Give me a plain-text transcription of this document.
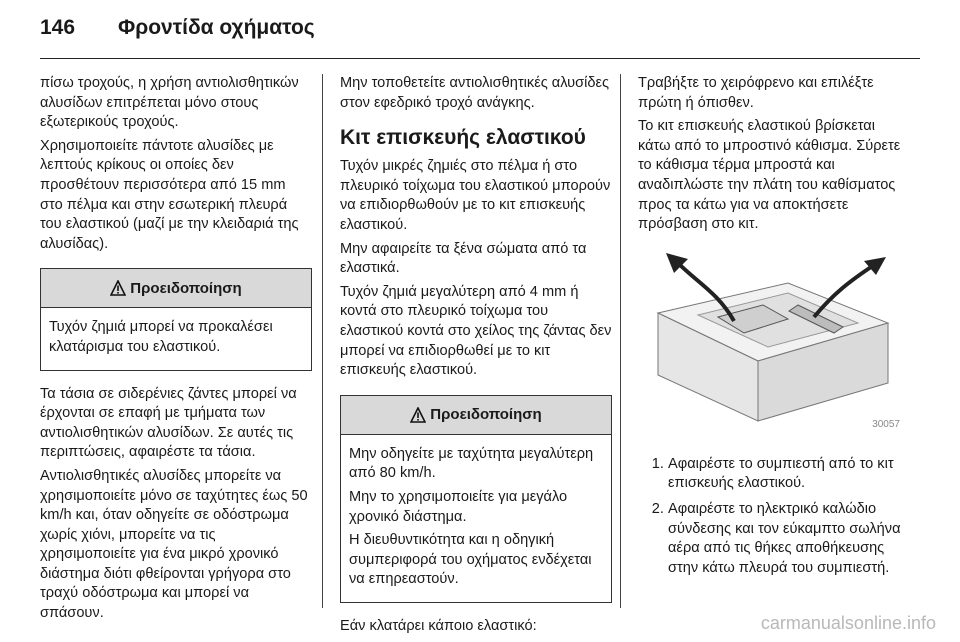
146 Φροντίδα οχήματος

πίσω τροχούς, η χρήση αντιολισθητικών αλυσίδων επιτρέπεται μόνο στους εξωτερικούς τροχούς.

Χρησιμοποιείτε πάντοτε αλυσίδες με λεπτούς κρίκους οι οποίες δεν προσθέτουν περισσότερα από 15 mm στο πέλμα και στην εσωτερική πλευρά του ελαστικού (μαζί με την κλειδαριά της αλυσίδας).

Προειδοποίηση

Τυχόν ζημιά μπορεί να προκαλέσει κλατάρισμα του ελαστικού.

Τα τάσια σε σιδερένιες ζάντες μπορεί να έρχονται σε επαφή με τμήματα των αντιολισθητικών αλυσίδων. Σε αυτές τις περιπτώσεις, αφαιρέστε τα τάσια.

Αντιολισθητικές αλυσίδες μπορείτε να χρησιμοποιείτε μόνο σε ταχύτητες έως 50 km/h και, όταν οδηγείτε σε οδόστρωμα χωρίς χιόνι, μπορείτε να τις χρησιμοποιείτε για ένα μικρό χρονικό διάστημα διότι φθείρονται γρήγορα στο τραχύ οδόστρωμα και μπορεί να σπάσουν.

Μην τοποθετείτε αντιολισθητικές αλυσίδες στον εφεδρικό τροχό ανάγκης.

Κιτ επισκευής ελαστικού

Τυχόν μικρές ζημιές στο πέλμα ή στο πλευρικό τοίχωμα του ελαστικού μπορούν να επιδιορθωθούν με το κιτ επισκευής ελαστικού.

Μην αφαιρείτε τα ξένα σώματα από τα ελαστικά.

Τυχόν ζημιά μεγαλύτερη από 4 mm ή κοντά στο πλευρικό τοίχωμα του ελαστικού κοντά στο χείλος της ζάντας δεν μπορεί να επιδιορθωθεί με το κιτ επισκευής ελαστικού.

Προειδοποίηση

Μην οδηγείτε με ταχύτητα μεγαλύτερη από 80 km/h.

Μην το χρησιμοποιείτε για μεγάλο χρονικό διάστημα.

Η διευθυντικότητα και η οδηγική συμπεριφορά του οχήματος ενδέχεται να επηρεαστούν.

Εάν κλατάρει κάποιο ελαστικό:

Τραβήξτε το χειρόφρενο και επιλέξτε πρώτη ή όπισθεν.

Το κιτ επισκευής ελαστικού βρίσκεται κάτω από το μπροστινό κάθισμα. Σύρετε το κάθισμα τέρμα μπροστά και αναδιπλώστε την πλάτη του καθίσματος προς τα κάτω για να αποκτήσετε πρόσβαση στο κιτ.

30057
1. Αφαιρέστε το συμπιεστή από το κιτ επισκευής ελαστικού.
2. Αφαιρέστε το ηλεκτρικό καλώδιο σύνδεσης και τον εύκαμπτο σωλήνα αέρα από τις θήκες αποθήκευσης στην κάτω πλευρά του συμπιεστή.
carmanualsonline.info
